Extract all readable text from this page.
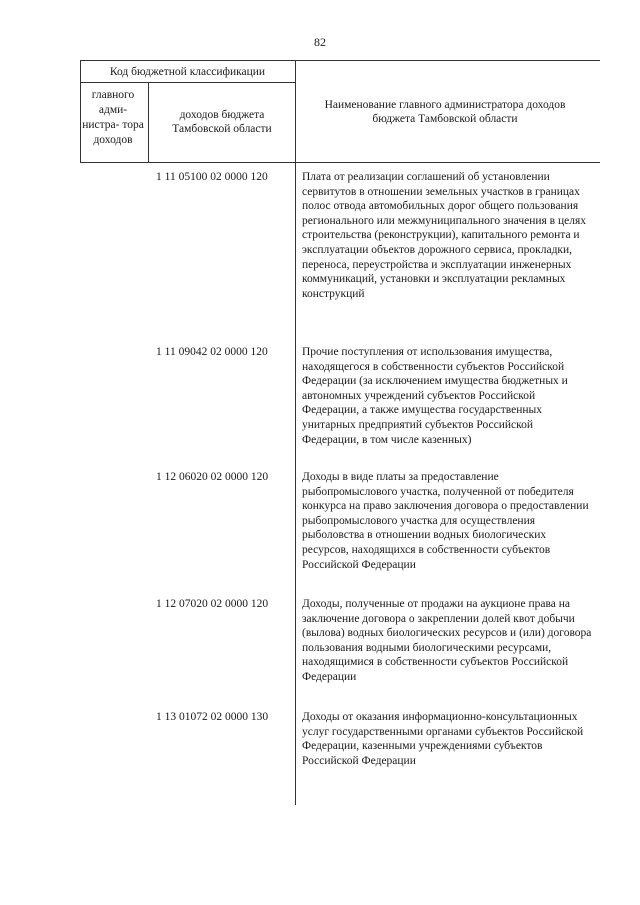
82
Код бюджетной классификации
главного адми- нистра- тора доходов
доходов бюджета Тамбовской области
Наименование главного администратора доходов бюджета Тамбовской области
1 11 05100 02 0000 120	Плата от реализации соглашений об установлении сервитутов в отношении земельных участков в границах полос отвода автомобильных дорог общего пользования регионального или межмуниципального значения в целях строительства (реконструкции), капитального ремонта и эксплуатации объектов дорожного сервиса, прокладки, переноса, переустройства и эксплуатации инженерных коммуникаций, установки и эксплуатации рекламных конструкций
1 11 09042 02 0000 120	Прочие поступления от использования имущества, находящегося в собственности субъектов Российской Федерации (за исключением имущества бюджетных и автономных учреждений субъектов Российской Федерации, а также имущества государственных унитарных предприятий субъектов Российской Федерации, в том числе казенных)
1 12 06020 02 0000 120	Доходы в виде платы за предоставление рыбопромыслового участка, полученной от победителя конкурса на право заключения договора о предоставлении рыбопромыслового участка для осуществления рыболовства в отношении водных биологических ресурсов, находящихся в собственности субъектов Российской Федерации
1 12 07020 02 0000 120	Доходы, полученные от продажи на аукционе права на заключение договора о закреплении долей квот добычи (вылова) водных биологических ресурсов и (или) договора пользования водными биологическими ресурсами, находящимися в собственности субъектов Российской Федерации
1 13 01072 02 0000 130	Доходы от оказания информационно-консультационных услуг государственными органами субъектов Российской Федерации, казенными учреждениями субъектов Российской Федерации
